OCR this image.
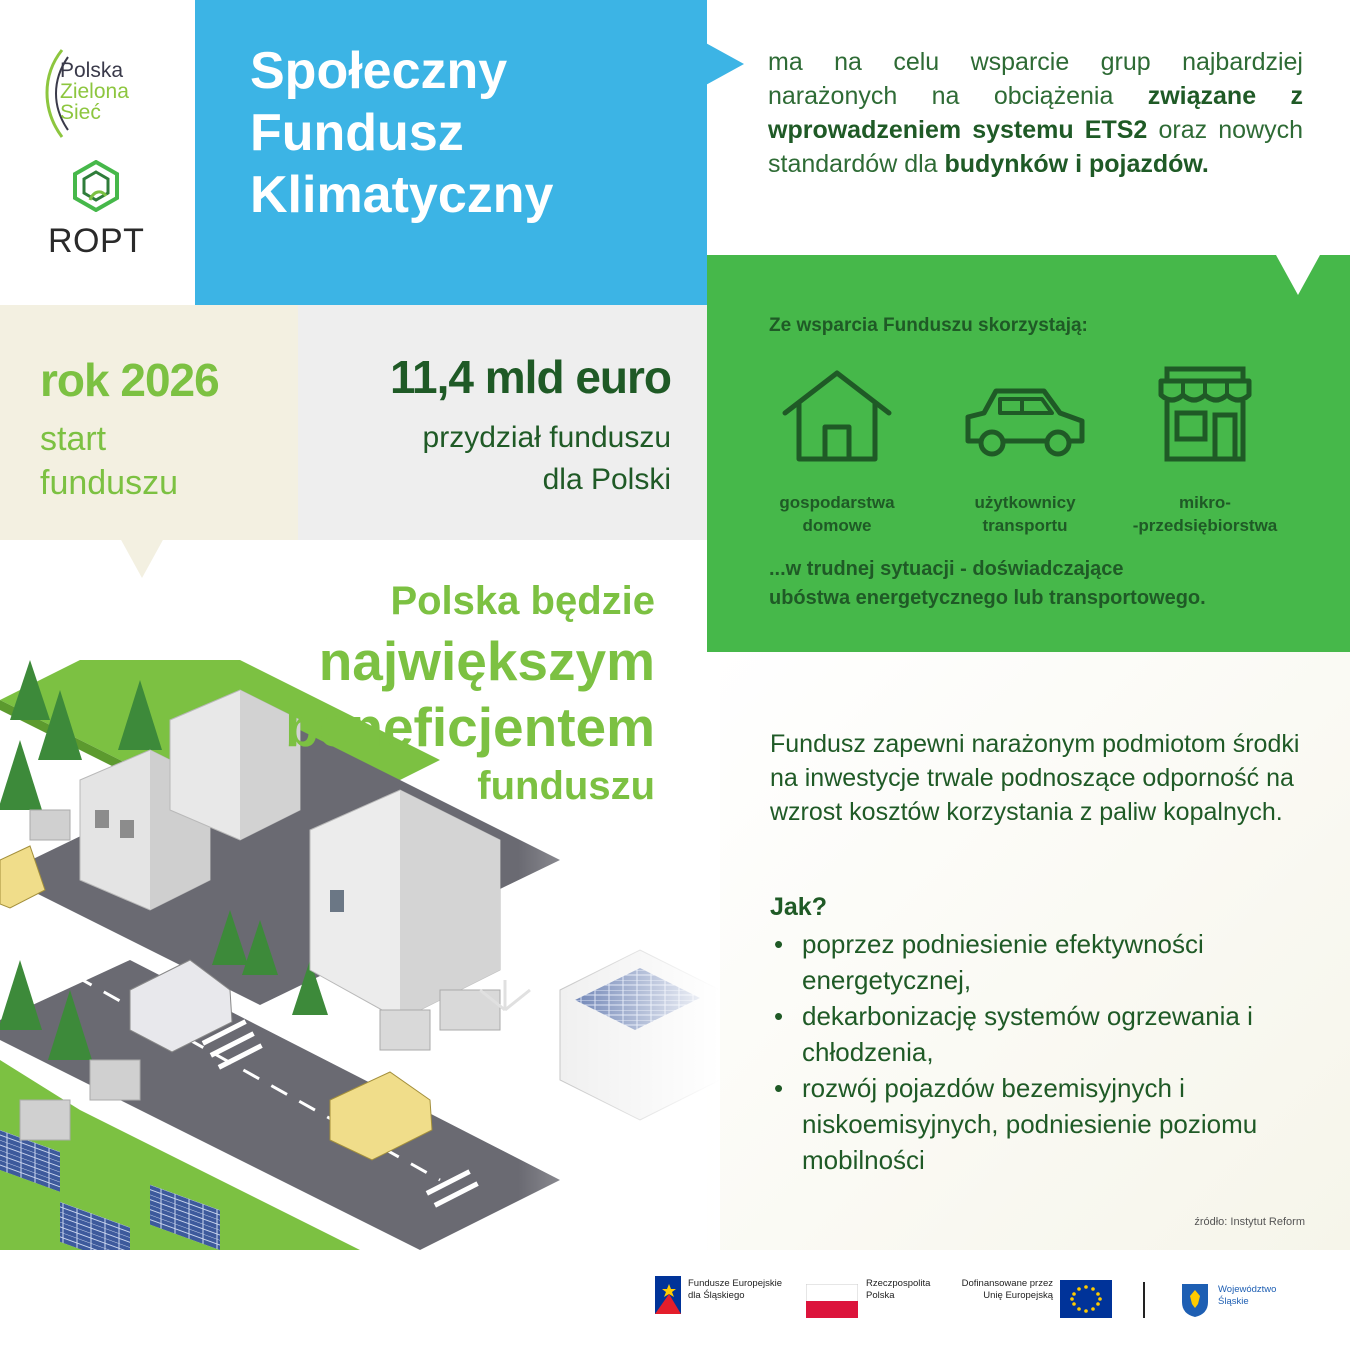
Polska
Zielona
Sieć
ROPT
Społeczny
Fundusz
Klimatyczny
ma na celu wsparcie grup najbardziej narażonych na obciążenia związane z wprowadzeniem systemu ETS2 oraz nowych standardów dla budynków i pojazdów.
rok 2026
start
funduszu
11,4 mld euro
przydział funduszu
dla Polski
Ze wsparcia Funduszu skorzystają:
gospodarstwa
domowe
użytkownicy
transportu
mikro-
-przedsiębiorstwa
...w trudnej sytuacji - doświadczające
ubóstwa energetycznego lub transportowego.
Fundusz zapewni narażonym podmiotom środki na inwestycje trwale podnoszące odporność na wzrost kosztów korzystania z paliw kopalnych.
Jak?
• poprzez podniesienie efektywności energetycznej,
• dekarbonizację systemów ogrzewania i chłodzenia,
• rozwój pojazdów bezemisyjnych i niskoemisyjnych, podniesienie poziomu mobilności
źródło: Instytut Reform
Polska będzie
największym
beneficjentem
funduszu
Fundusze Europejskie
dla Śląskiego
Rzeczpospolita
Polska
Dofinansowane przez
Unię Europejską
Województwo
Śląskie
